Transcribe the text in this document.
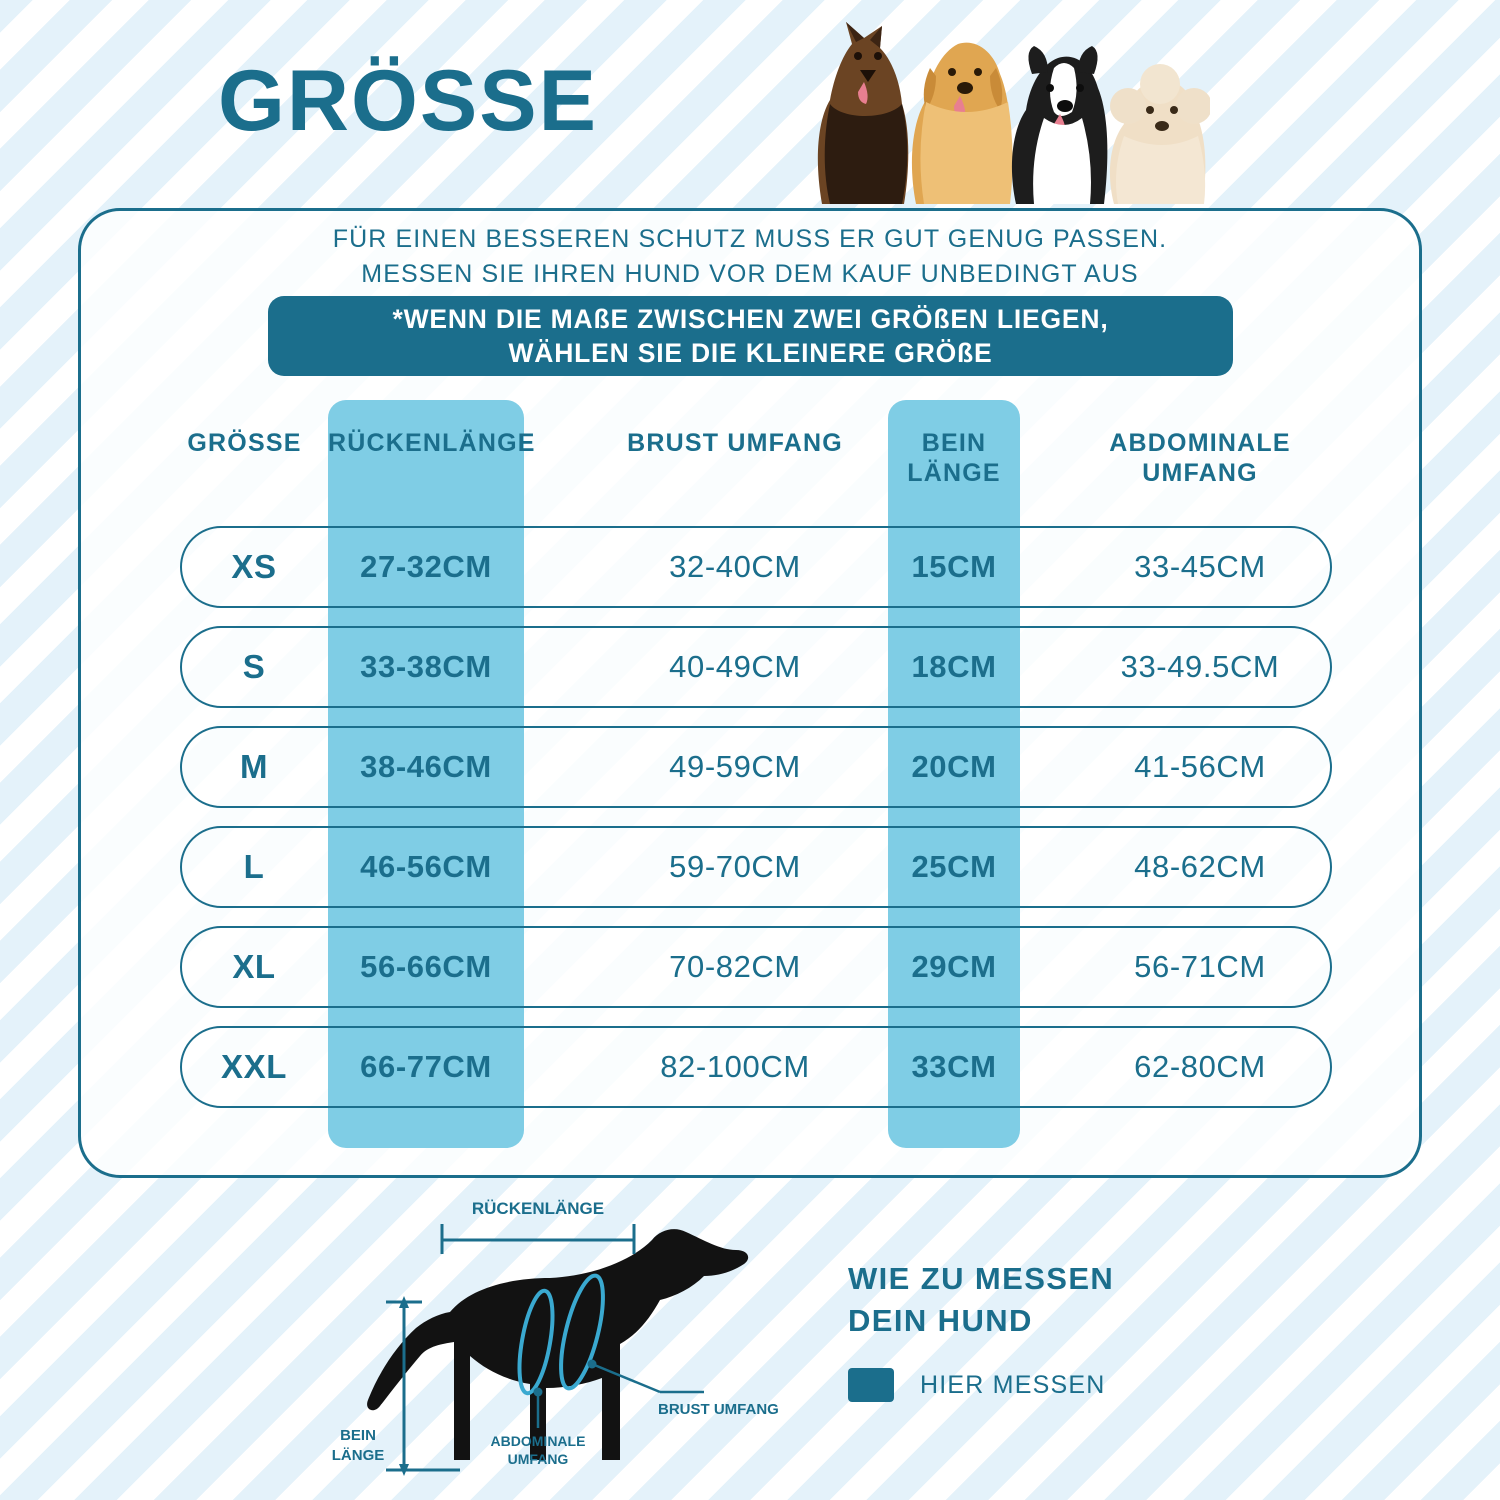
GRÖSSE
FÜR EINEN BESSEREN SCHUTZ MUSS ER GUT GENUG PASSEN.
MESSEN SIE IHREN HUND VOR DEM KAUF UNBEDINGT AUS
*WENN DIE MAßE ZWISCHEN ZWEI GRÖßEN LIEGEN,
WÄHLEN SIE DIE KLEINERE GRÖßE
GRÖSSE	RÜCKENLÄNGE	BRUST UMFANG	BEIN
LÄNGE
ABDOMINALE
UMFANG
XS	27-32CM	32-40CM	15CM	33-45CM
S	33-38CM	40-49CM	18CM	33-49.5CM
M	38-46CM	49-59CM	20CM	41-56CM
L	46-56CM	59-70CM	25CM	48-62CM
XL	56-66CM	70-82CM	29CM	56-71CM
XXL	66-77CM	82-100CM	33CM	62-80CM
RÜCKENLÄNGE
BRUST UMFANG
ABDOMINALE
UMFANG
BEIN
LÄNGE
WIE ZU MESSEN
DEIN HUND
HIER MESSEN
